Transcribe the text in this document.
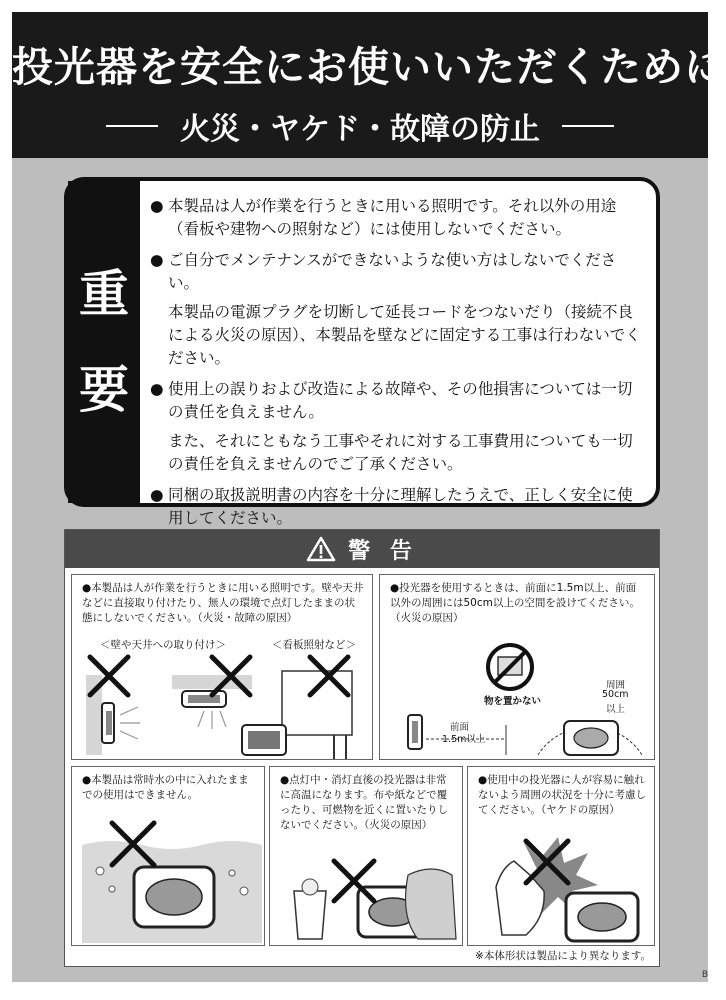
投光器を安全にお使いいただくために
火災・ヤケド・故障の防止
重
要
● 本製品は人が作業を行うときに用いる照明です。それ以外の用途（看板や建物への照射など）には使用しないでください。

● ご自分でメンテナンスができないような使い方はしないでください。

本製品の電源プラグを切断して延長コードをつないだり（接続不良による火災の原因）、本製品を壁などに固定する工事は行わないでください。

● 使用上の誤りおよび改造による故障や、その他損害については一切の責任を負えません。

また、それにともなう工事やそれに対する工事費用についても一切の責任を負えませんのでご了承ください。

● 同梱の取扱説明書の内容を十分に理解したうえで、正しく安全に使用してください。

警 告
●本製品は人が作業を行うときに用いる照明です。壁や天井などに直接取り付けたり、無人の環境で点灯したままの状態にしないでください。（火災・故障の原因）
＜壁や天井への取り付け＞	＜看板照射など＞
●投光器を使用するときは、前面に1.5m以上、前面以外の周囲には50cm以上の空間を設けてください。（火災の原因）
物を置かない
前面
1.5m以上
周囲
50cm
以上
●本製品は常時水の中に入れたままでの使用はできません。
●点灯中・消灯直後の投光器は非常に高温になります。布や紙などで覆ったり、可燃物を近くに置いたりしないでください。（火災の原因）
●使用中の投光器に人が容易に触れないよう周囲の状況を十分に考慮してください。（ヤケドの原因）
※本体形状は製品により異なります。
B
